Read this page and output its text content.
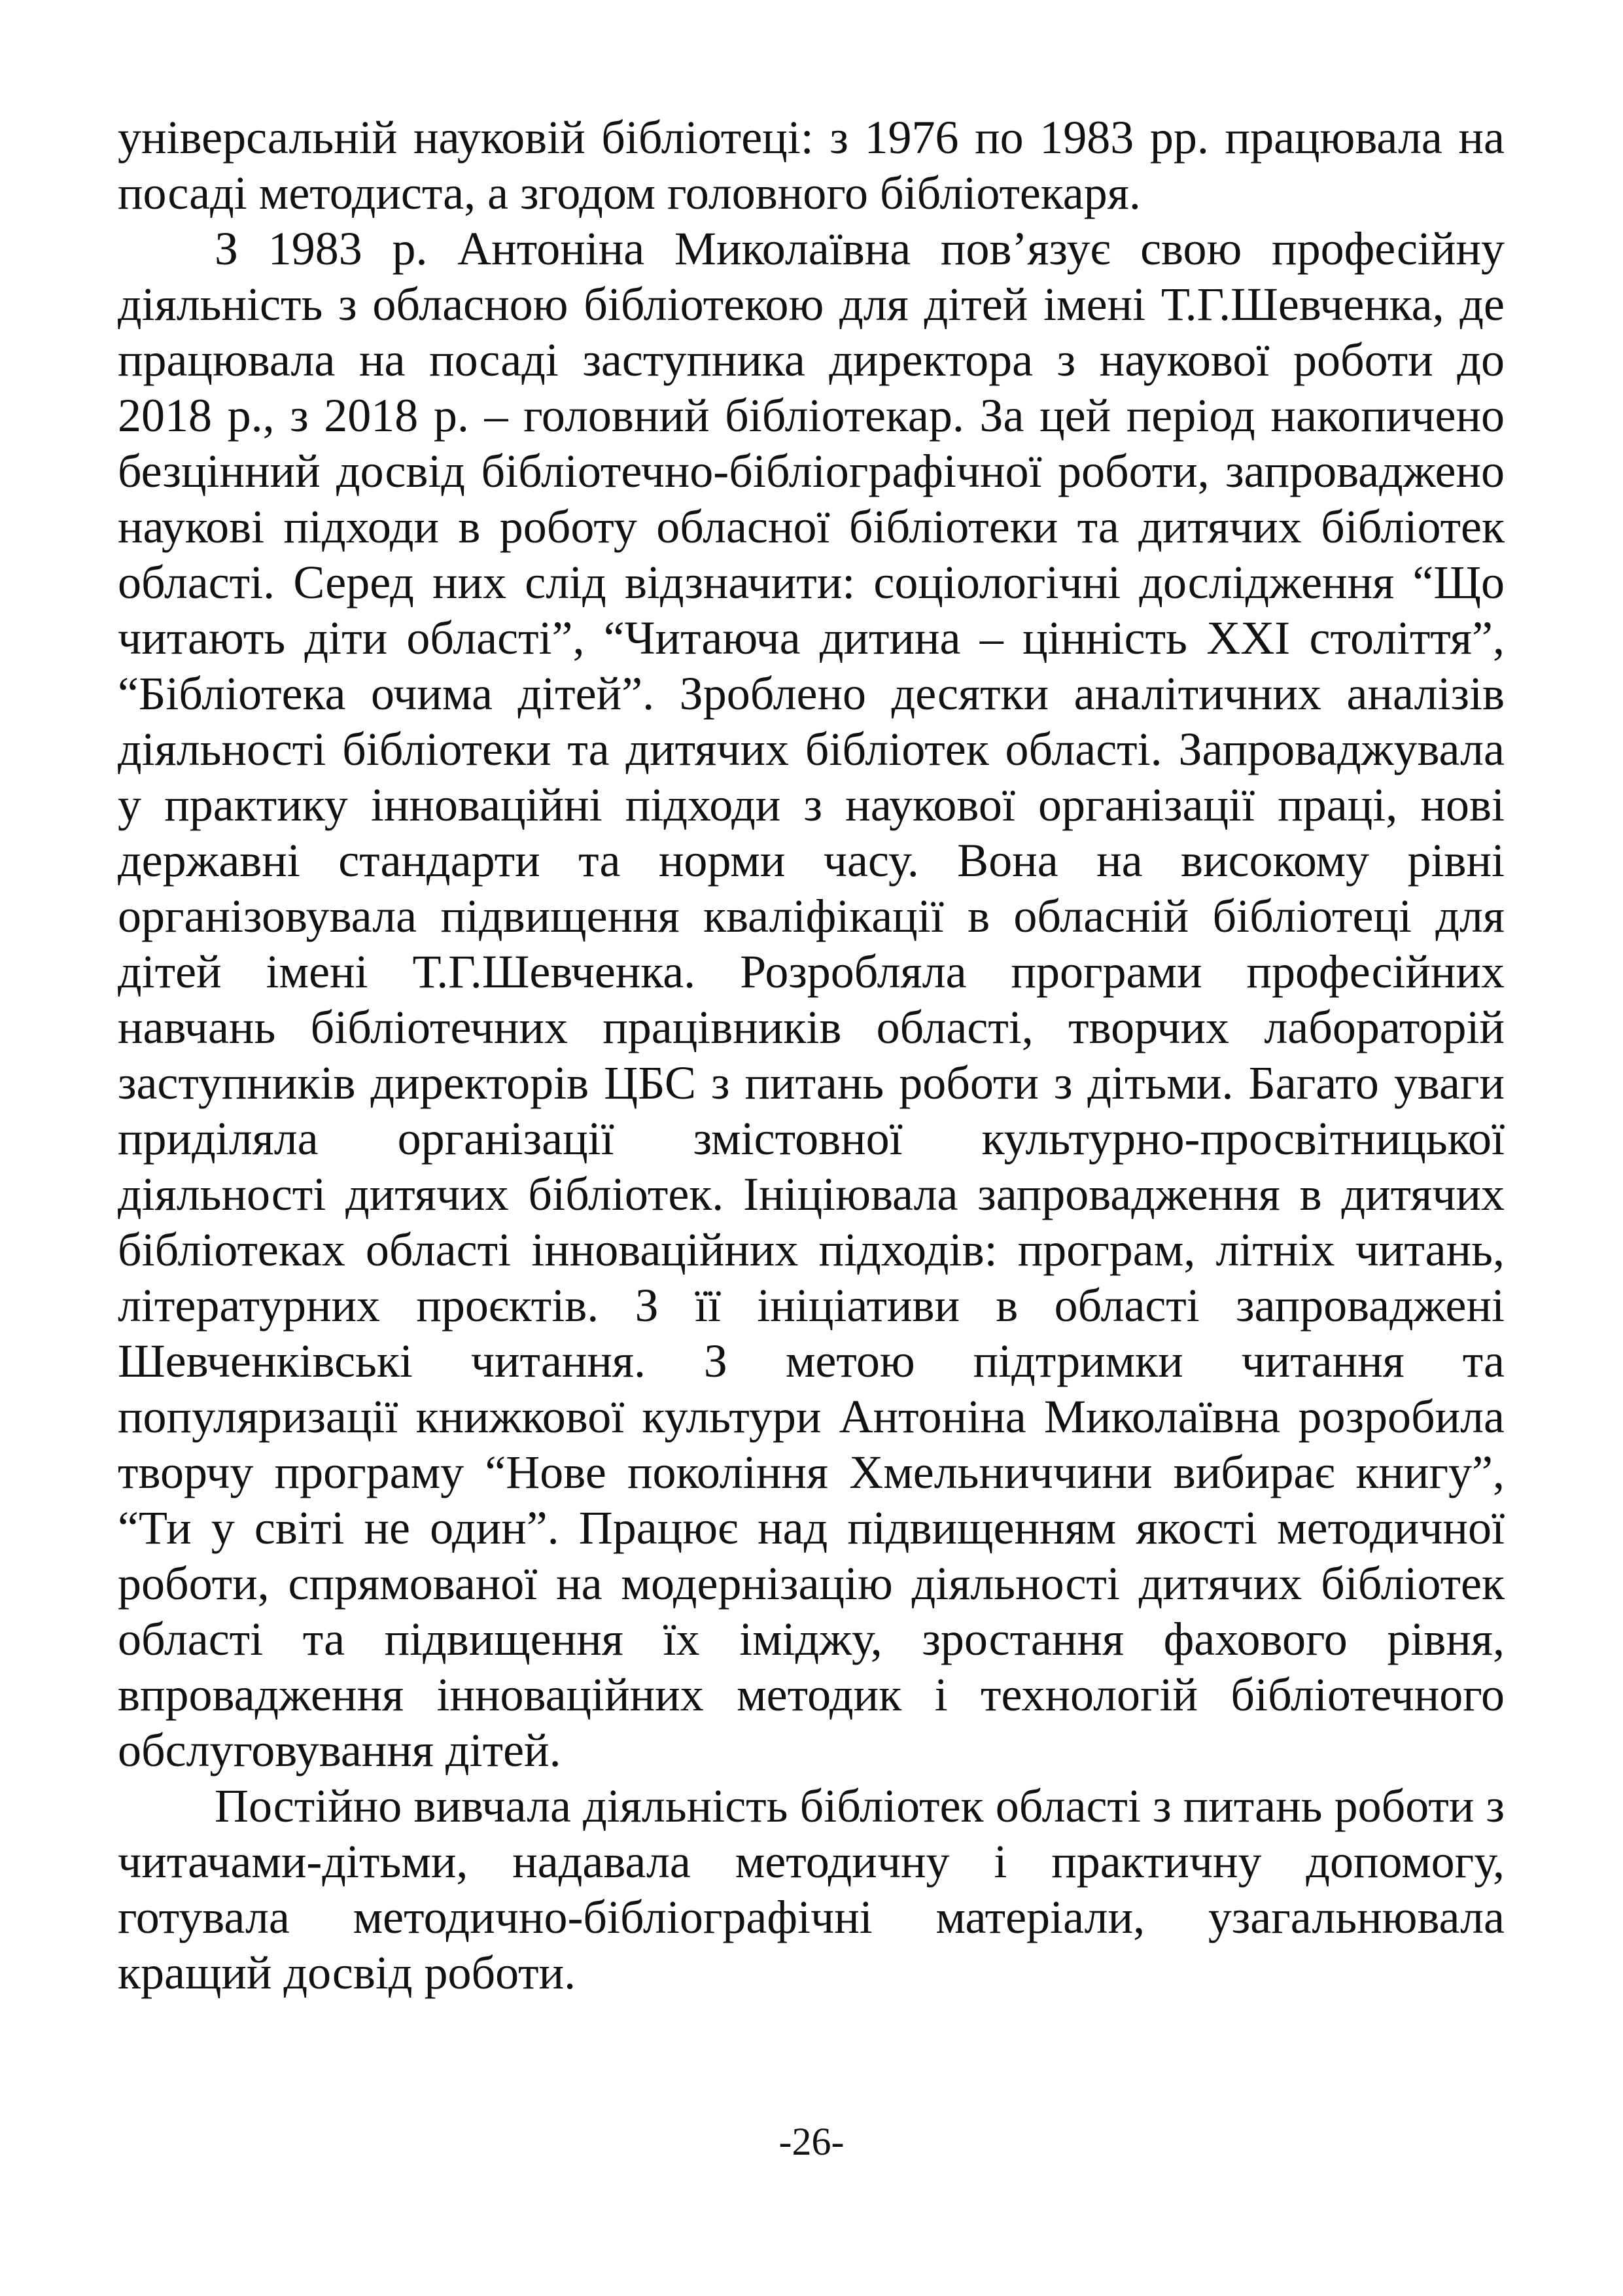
універсальній науковій бібліотеці: з 1976 по 1983 рр. працювала на посаді методиста, а згодом головного бібліотекаря.

З 1983 р. Антоніна Миколаївна пов’язує свою професійну діяльність з обласною бібліотекою для дітей імені Т.Г.Шевченка, де працювала на посаді заступника директора з наукової роботи до 2018 р., з 2018 р. – головний бібліотекар. За цей період накопичено безцінний досвід бібліотечно-бібліографічної роботи, запроваджено наукові підходи в роботу обласної бібліотеки та дитячих бібліотек області. Серед них слід відзначити: соціологічні дослідження “Що читають діти області”, “Читаюча дитина – цінність ХХІ століття”, “Бібліотека очима дітей”. Зроблено десятки аналітичних аналізів діяльності бібліотеки та дитячих бібліотек області. Запроваджувала у практику інноваційні підходи з наукової організації праці, нові державні стандарти та норми часу. Вона на високому рівні організовувала підвищення кваліфікації в обласній бібліотеці для дітей імені Т.Г.Шевченка. Розробляла програми професійних навчань бібліотечних працівників області, творчих лабораторій заступників директорів ЦБС з питань роботи з дітьми. Багато уваги приділяла організації змістовної культурно-просвітницької діяльності дитячих бібліотек. Ініціювала запровадження в дитячих бібліотеках області інноваційних підходів: програм, літніх читань, літературних проєктів. З її ініціативи в області запроваджені Шевченківські читання. З метою підтримки читання та популяризації книжкової культури Антоніна Миколаївна розробила творчу програму “Нове покоління Хмельниччини вибирає книгу”, “Ти у світі не один”. Працює над підвищенням якості методичної роботи, спрямованої на модернізацію діяльності дитячих бібліотек області та підвищення їх іміджу, зростання фахового рівня, впровадження інноваційних методик і технологій бібліотечного обслуговування дітей.

Постійно вивчала діяльність бібліотек області з питань роботи з читачами-дітьми, надавала методичну і практичну допомогу, готувала методично-бібліографічні матеріали, узагальнювала кращий досвід роботи.

-26-
